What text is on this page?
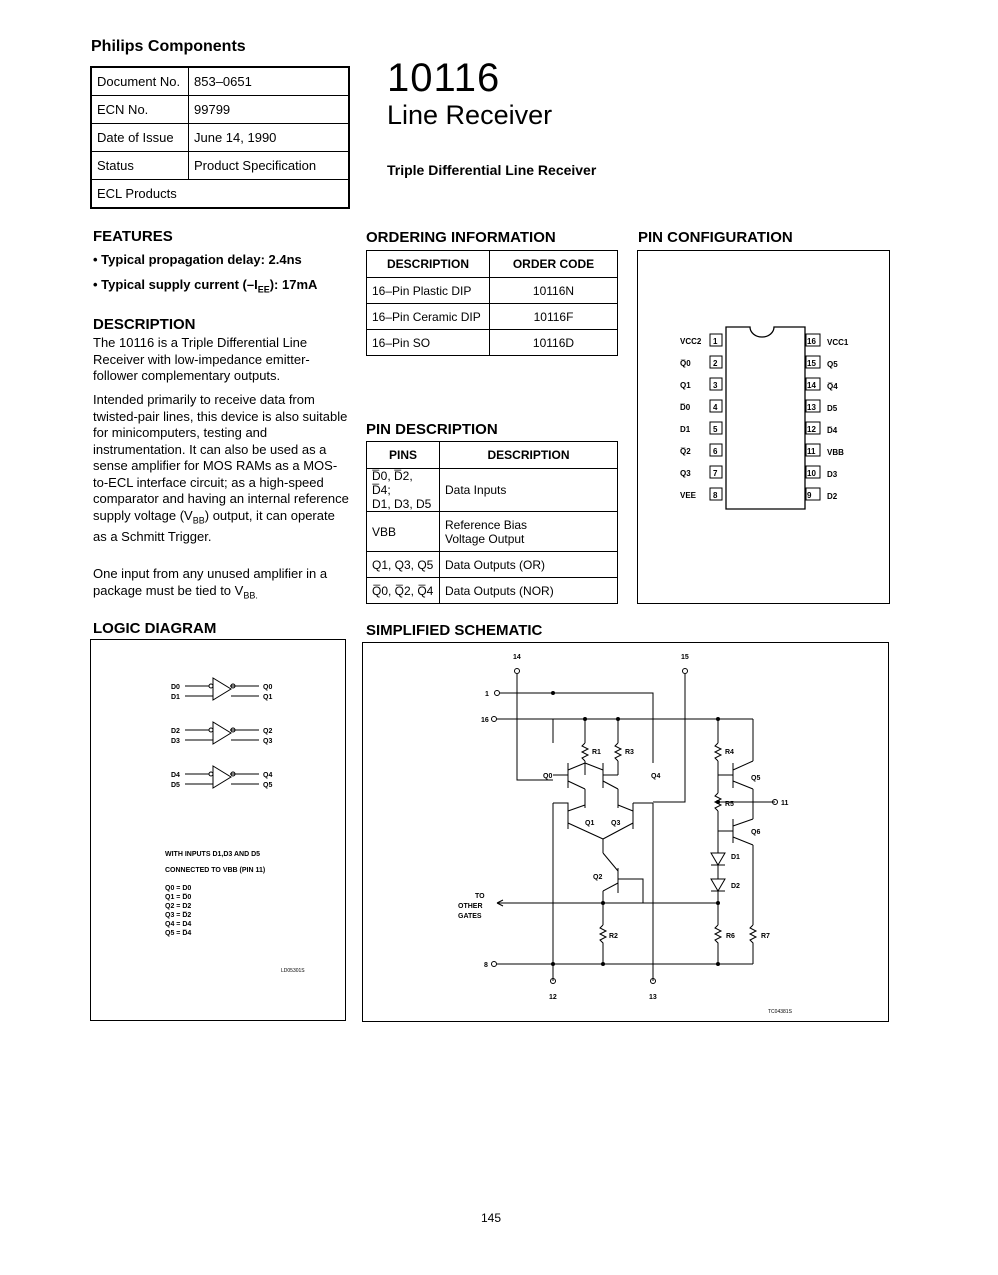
Philips Components
Document No.	853–0651
ECN No.	99799
Date of Issue	June 14, 1990
Status	Product Specification
ECL Products	
10116
Line Receiver
Triple Differential Line Receiver
FEATURES
• Typical propagation delay: 2.4ns
• Typical supply current $(-I_{EE})$: 17mA
DESCRIPTION
The 10116 is a Triple Differential Line Receiver with low-impedance emitter-follower complementary outputs.
Intended primarily to receive data from twisted-pair lines, this device is also suitable for minicomputers, testing and instrumentation. It can also be used as a sense amplifier for MOS RAMs as a MOS-to-ECL interface circuit; as a high-speed comparator and having an internal reference supply voltage $(V_{BB})$ output, it can operate as a Schmitt Trigger.
One input from any unused amplifier in a package must be tied to $V_{BB.}$
ORDERING INFORMATION
DESCRIPTION	ORDER CODE
16–Pin Plastic DIP	10116N
16–Pin Ceramic DIP	10116F
16–Pin SO	10116D
PIN DESCRIPTION
PINS	DESCRIPTION

D̅0, D̅2, D̅4;
D1, D3, D5	Data Inputs
VBB	Reference Bias
Voltage Output

Q1, Q3, Q5	Data Outputs (OR)
Q̅0, Q̅2, Q̅4	Data Outputs (NOR)
PIN CONFIGURATION
1
VCC2
2
Q̅0
3
Q1
4
D̅0
5
D1
6
Q̅2
7
Q3
8
VEE
16 VCC1
15 Q5
14 Q̅4
13 D5
12 D̅4
11 VBB
10 D3
9 D2
LOGIC DIAGRAM
D0
D1
Q0
Q1
D2
D3
Q2
Q3
D4
D5
Q4
Q5
WITH INPUTS D1,D3 AND D5
CONNECTED TO VBB (PIN 11)
Q0 = D0
Q1 = D̅0
Q2 = D2
Q3 = D̅2
Q4 = D4
Q5 = D̅4
LD05301S
SIMPLIFIED SCHEMATIC
14	15
1
16
8
12	13
11
R1	R3	R4
R5
R2	R6	R7
Q0	Q4	Q5
Q6
Q1 Q3
Q2
D1
D2
TO
OTHER
GATES
TC04381S
145
